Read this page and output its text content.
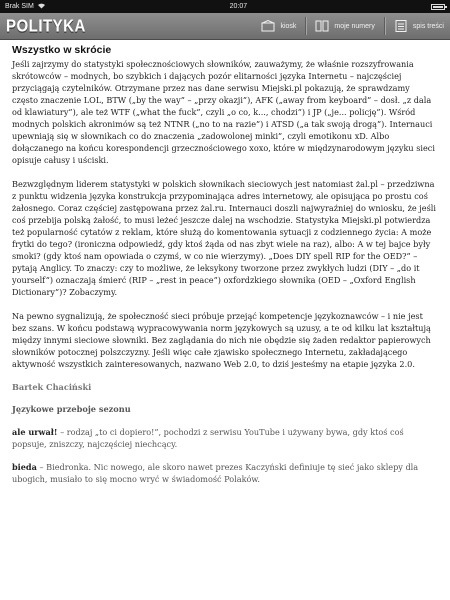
Brak SIM	20:07
POLITYKA	kiosk	moje numery	spis treści
Wszystko w skrócie

Jeśli zajrzymy do statystyki społecznościowych słowników, zauważymy, że właśnie rozszyfrowania skrótowców – modnych, bo szybkich i dających pozór elitarności języka Internetu – najczęściej przyciągają czytelników. Otrzymane przez nas dane serwisu Miejski.pl pokazują, że sprawdzamy często znaczenie LOL, BTW („by the way” – „przy okazji”), AFK („away from keyboard” – dosł. „z dala od klawiatury”), ale też WTF („what the fuck”, czyli „o co, k..., chodzi”) i JP („je... policję”). Wśród modnych polskich akronimów są też NTNR („no to na razie”) i ATSD („a tak swoją drogą”). Internauci upewniają się w słownikach co do znaczenia „zadowolonej minki”, czyli emotikonu xD. Albo dołączanego na końcu korespondencji grzecznościowego xoxo, które w międzynarodowym języku sieci opisuje całusy i uściski.

Bezwzględnym liderem statystyki w polskich słownikach sieciowych jest natomiast żal.pl – przedziwna z punktu widzenia języka konstrukcja przypominająca adres internetowy, ale opisująca po prostu coś żałosnego. Coraz częściej zastępowana przez żal.ru. Internauci doszli najwyraźniej do wniosku, że jeśli coś przebija polską żałość, to musi leżeć jeszcze dalej na wschodzie. Statystyka Miejski.pl potwierdza też popularność cytatów z reklam, które służą do komentowania sytuacji z codziennego życia: A może frytki do tego? (ironiczna odpowiedź, gdy ktoś żąda od nas zbyt wiele na raz), albo: A w tej bajce były smoki? (gdy ktoś nam opowiada o czymś, w co nie wierzymy). „Does DIY spell RIP for the OED?” – pytają Anglicy. To znaczy: czy to możliwe, że leksykony tworzone przez zwykłych ludzi (DIY – „do it yourself”) oznaczają śmierć (RIP – „rest in peace”) oxfordzkiego słownika (OED – „Oxford English Dictionary”)? Zobaczymy.

Na pewno sygnalizują, że społeczność sieci próbuje przejąć kompetencje językoznawców – i nie jest bez szans. W końcu podstawą wypracowywania norm językowych są uzusy, a te od kilku lat kształtują między innymi sieciowe słowniki. Bez zaglądania do nich nie obędzie się żaden redaktor papierowych słowników potocznej polszczyzny. Jeśli więc całe zjawisko społecznego Internetu, zakładającego aktywność wszystkich zainteresowanych, nazwano Web 2.0, to dziś jesteśmy na etapie języka 2.0.

Bartek Chaciński
Językowe przeboje sezonu
ale urwał! – rodzaj „to ci dopiero!”, pochodzi z serwisu YouTube i używany bywa, gdy ktoś coś popsuje, zniszczy, najczęściej niechcący.
bieda – Biedronka. Nic nowego, ale skoro nawet prezes Kaczyński definiuje tę sieć jako sklepy dla ubogich, musiało to się mocno wryć w świadomość Polaków.
